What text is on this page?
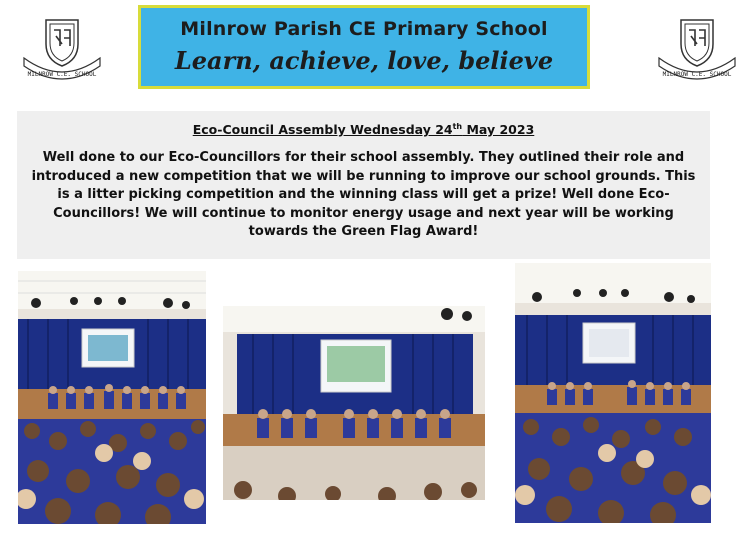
MILNROW C.E. SCHOOL	MILNROW C.E. SCHOOL
Milnrow Parish CE Primary School
Learn, achieve, love, believe
Eco-Council Assembly Wednesday 24th May 2023
Well done to our Eco-Councillors for their school assembly. They outlined their role and introduced a new competition that we will be running to improve our school grounds. This is a litter picking competition and the winning class will get a prize! Well done Eco-Councillors! We will continue to monitor energy usage and next year will be working towards the Green Flag Award!
